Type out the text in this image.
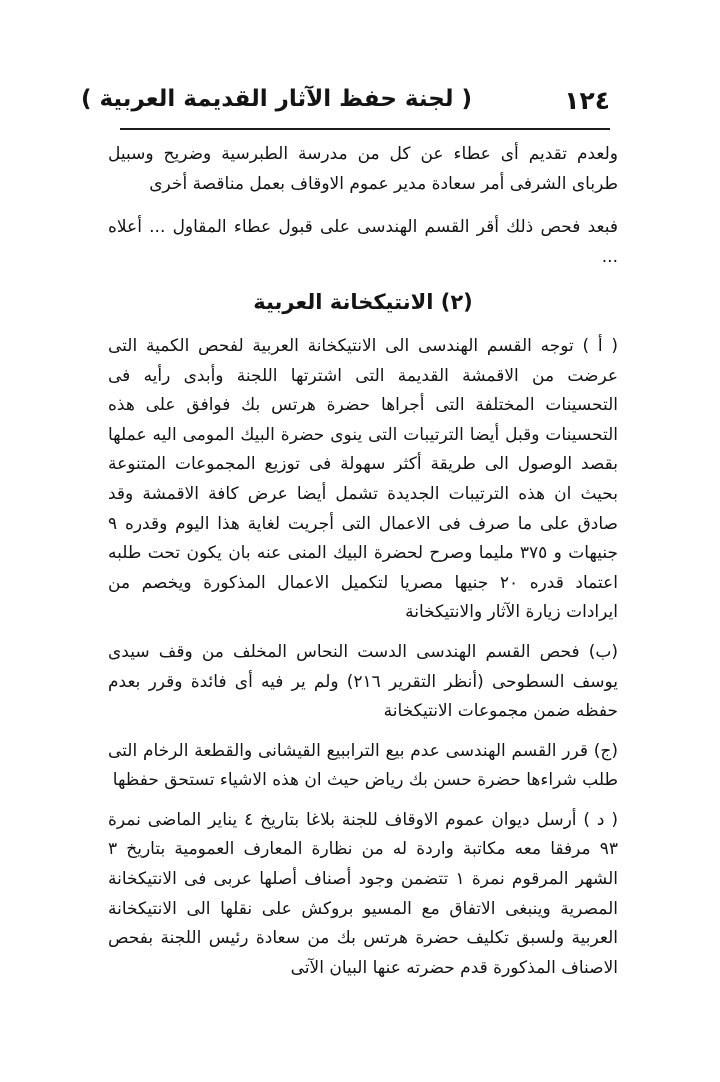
١٢٤
( لجنة حفظ الآثار القديمة العربية )

ولعدم تقديم أى عطاء عن كل من مدرسة الطبرسية وضريح وسبيل طرباى الشرفى أمر سعادة مدير عموم الاوقاف بعمل مناقصة أخرى

فبعد فحص ذلك أقر القسم الهندسى على قبول عطاء المقاول ... أعلاه ...

(٢) الانتيكخانة العربية

( أ ) توجه القسم الهندسى الى الانتيكخانة العربية لفحص الكمية التى عرضت من الاقمشة القديمة التى اشترتها اللجنة وأبدى رأيه فى التحسينات المختلفة التى أجراها حضرة هرتس بك فوافق على هذه التحسينات وقبل أيضا الترتيبات التى ينوى حضرة البيك المومى اليه عملها بقصد الوصول الى طريقة أكثر سهولة فى توزيع المجموعات المتنوعة بحيث ان هذه الترتيبات الجديدة تشمل أيضا عرض كافة الاقمشة وقد صادق على ما صرف فى الاعمال التى أجريت لغاية هذا اليوم وقدره ٩ جنيهات و ٣٧٥ مليما وصرح لحضرة البيك المنى عنه بان يكون تحت طلبه اعتماد قدره ٢٠ جنيها مصريا لتكميل الاعمال المذكورة ويخصم من ايرادات زيارة الآثار والانتيكخانة

(ب) فحص القسم الهندسى الدست النحاس المخلف من وقف سيدى يوسف السطوحى (أنظر التقرير ٢١٦) ولم ير فيه أى فائدة وقرر بعدم حفظه ضمن مجموعات الانتيكخانة

(ج) قرر القسم الهندسى عدم بيع التراببيع القيشانى والقطعة الرخام التى طلب شراءها حضرة حسن بك رياض حيث ان هذه الاشياء تستحق حفظها

( د ) أرسل ديوان عموم الاوقاف للجنة بلاغا بتاريخ ٤ يناير الماضى نمرة ٩٣ مرفقا معه مكاتبة واردة له من نظارة المعارف العمومية بتاريخ ٣ الشهر المرقوم نمرة ١ تتضمن وجود أصناف أصلها عربى فى الانتيكخانة المصرية وينبغى الاتفاق مع المسيو بروكش على نقلها الى الانتيكخانة العربية ولسبق تكليف حضرة هرتس بك من سعادة رئيس اللجنة بفحص الاصناف المذكورة قدم حضرته عنها البيان الآتى
